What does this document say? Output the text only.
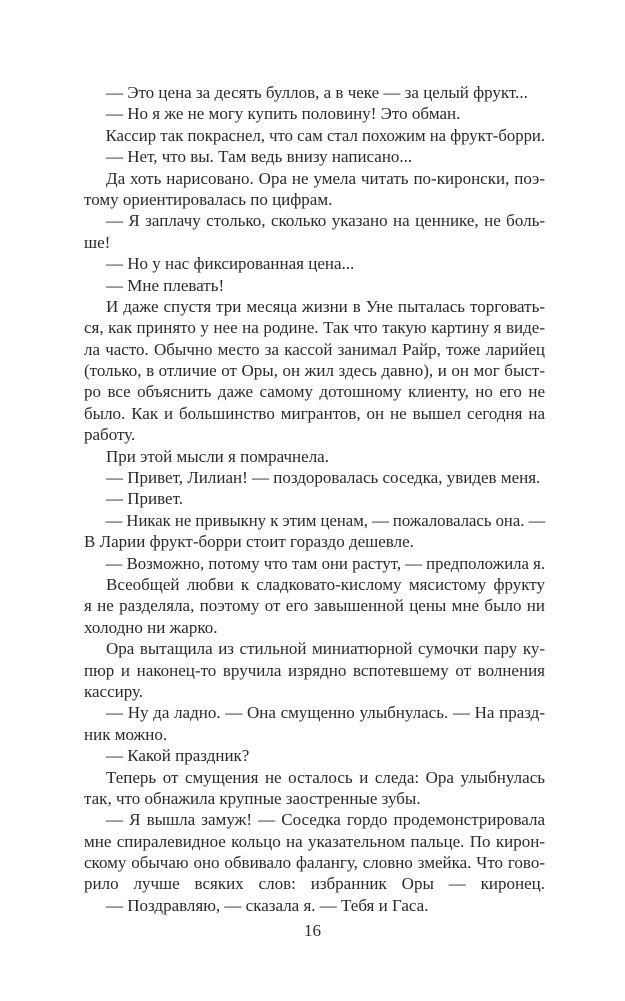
— Это цена за десять буллов, а в чеке — за целый фрукт...
— Но я же не могу купить половину! Это обман.
Кассир так покраснел, что сам стал похожим на фрукт-борри.
— Нет, что вы. Там ведь внизу написано...
Да хоть нарисовано. Ора не умела читать по-киронски, поэ-
тому ориентировалась по цифрам.
— Я заплачу столько, сколько указано на ценнике, не боль-
ше!
— Но у нас фиксированная цена...
— Мне плевать!
И даже спустя три месяца жизни в Уне пыталась торговать-
ся, как принято у нее на родине. Так что такую картину я виде-
ла часто. Обычно место за кассой занимал Райр, тоже ларийец
(только, в отличие от Оры, он жил здесь давно), и он мог быст-
ро все объяснить даже самому дотошному клиенту, но его не
было. Как и большинство мигрантов, он не вышел сегодня на
работу.
При этой мысли я помрачнела.
— Привет, Лилиан! — поздоровалась соседка, увидев меня.
— Привет.
— Никак не привыкну к этим ценам, — пожаловалась она. —
В Ларии фрукт-борри стоит гораздо дешевле.
— Возможно, потому что там они растут, — предположила я.
Всеобщей любви к сладковато-кислому мясистому фрукту
я не разделяла, поэтому от его завышенной цены мне было ни
холодно ни жарко.
Ора вытащила из стильной миниатюрной сумочки пару ку-
пюр и наконец-то вручила изрядно вспотевшему от волнения
кассиру.
— Ну да ладно. — Она смущенно улыбнулась. — На празд-
ник можно.
— Какой праздник?
Теперь от смущения не осталось и следа: Ора улыбнулась
так, что обнажила крупные заостренные зубы.
— Я вышла замуж! — Соседка гордо продемонстрировала
мне спиралевидное кольцо на указательном пальце. По кирон-
скому обычаю оно обвивало фалангу, словно змейка. Что гово-
рило лучше всяких слов: избранник Оры — киронец.
— Поздравляю, — сказала я. — Тебя и Гаса.
16
